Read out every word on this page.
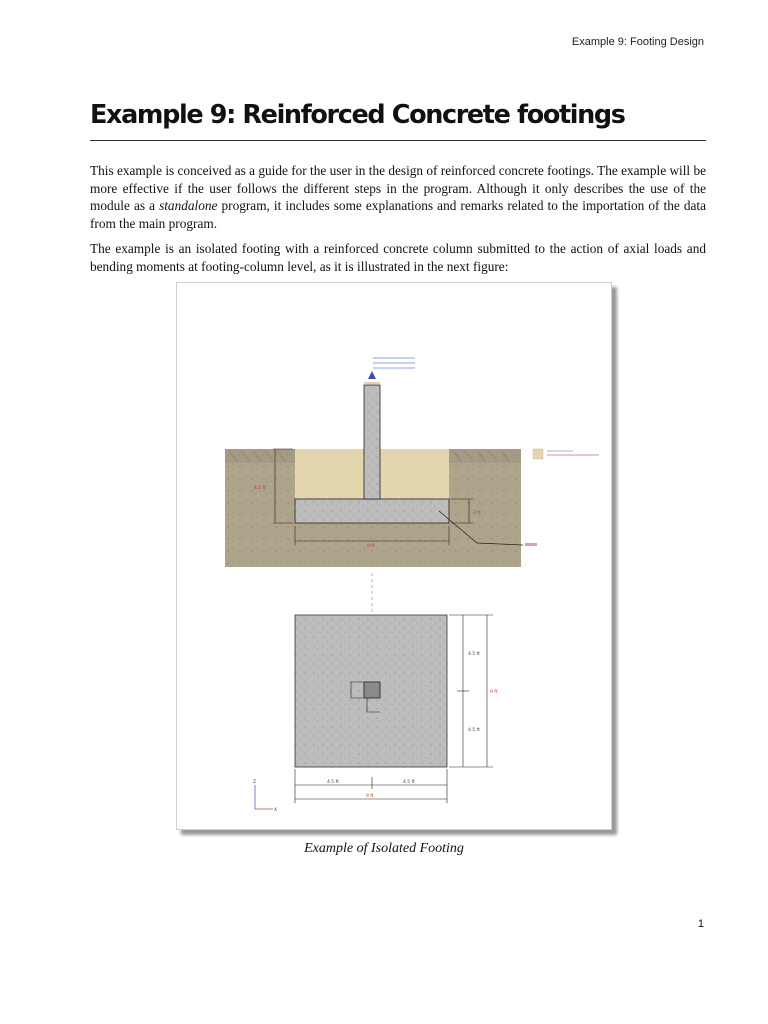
Example 9: Footing Design
Example 9: Reinforced Concrete footings

This example is conceived as a guide for the user in the design of reinforced concrete footings. The example will be more effective if the user follows the different steps in the program. Although it only describes the use of the module as a standalone program, it includes some explanations and remarks related to the importation of the data from the main program.

The example is an isolated footing with a reinforced concrete column submitted to the action of axial loads and bending moments at footing-column level, as it is illustrated in the next figure:

4.5 ft
3 ft
9 ft
4.5 ft
4.5 ft
9 ft
4.5 ft	4.5 ft
9 ft
Z
X
Example of Isolated Footing
1
